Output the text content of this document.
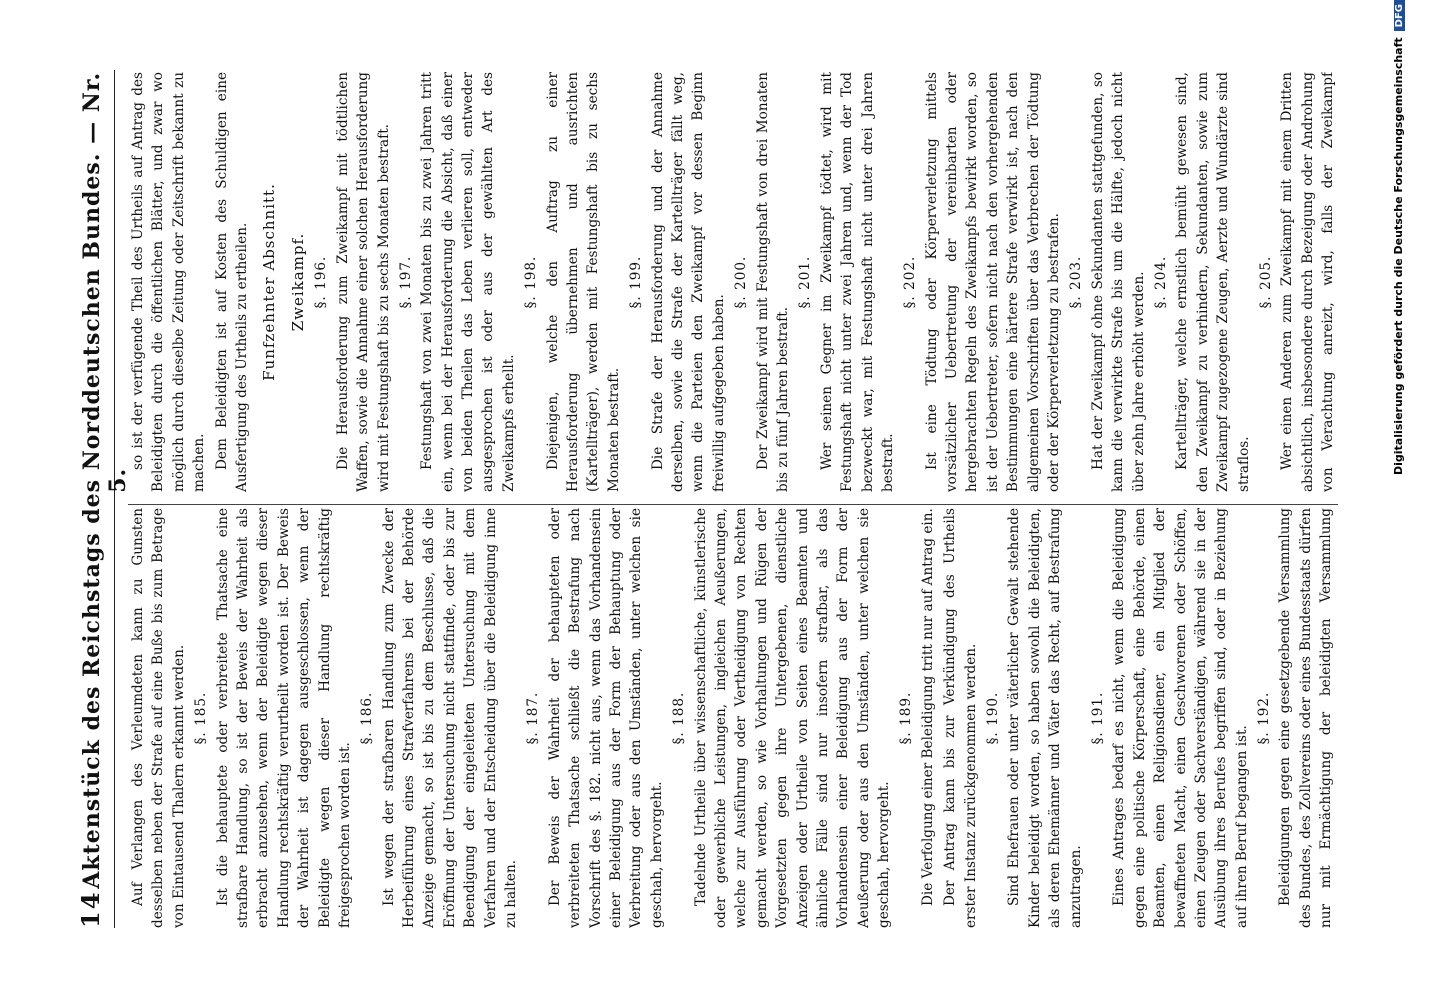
14
Aktenstück des Reichstags des Norddeutschen Bundes. — Nr. 5.
Auf Verlangen des Verleumdeten kann zu Gunsten desselben neben der Strafe auf eine Buße bis zum Betrage von Eintausend Thalern erkannt werden. §. 185. Ist die behauptete oder verbreitete Thatsache eine strafbare Handlung, so ist der Beweis der Wahrheit als erbracht anzusehen, wenn der Beleidigte wegen dieser Handlung rechtskräftig verurtheilt worden ist. Der Beweis der Wahrheit ist dagegen ausgeschlossen, wenn der Beleidigte wegen dieser Handlung rechtskräftig freigesprochen worden ist.
§. 186. Ist wegen der strafbaren Handlung zum Zwecke der Herbeiführung eines Strafverfahrens bei der Behörde Anzeige gemacht, so ist bis zu dem Beschlusse, daß die Eröffnung der Untersuchung nicht stattfinde, oder bis zur Beendigung der eingeleiteten Untersuchung mit dem Verfahren und der Entscheidung über die Beleidigung inne zu halten.
§. 187. Der Beweis der Wahrheit der behaupteten oder verbreiteten Thatsache schließt die Bestrafung nach Vorschrift des §. 182. nicht aus, wenn das Vorhandensein einer Beleidigung aus der Form der Behauptung oder Verbreitung oder aus den Umständen, unter welchen sie geschah, hervorgeht.
§. 188. Tadelnde Urtheile über wissenschaftliche, künstlerische oder gewerbliche Leistungen, ingleichen Aeußerungen, welche zur Ausführung oder Vertheidigung von Rechten gemacht werden, so wie Vorhaltungen und Rügen der Vorgesetzten gegen ihre Untergebenen, dienstliche Anzeigen oder Urtheile von Seiten eines Beamten und ähnliche Fälle sind nur insofern strafbar, als das Vorhandensein einer Beleidigung aus der Form der Aeußerung oder aus den Umständen, unter welchen sie geschah, hervorgeht.
§. 189. Die Verfolgung einer Beleidigung tritt nur auf Antrag ein. Der Antrag kann bis zur Verkündigung des Urtheils erster Instanz zurückgenommen werden. §. 190. Sind Ehefrauen oder unter väterlicher Gewalt stehende Kinder beleidigt worden, so haben sowohl die Beleidigten, als deren Ehemänner und Väter das Recht, auf Bestrafung anzutragen.
§. 191. Eines Antrages bedarf es nicht, wenn die Beleidigung gegen eine politische Körperschaft, eine Behörde, einen Beamten, einen Religionsdiener, ein Mitglied der bewaffneten Macht, einen Geschworenen oder Schöffen, einen Zeugen oder Sachverständigen, während sie in der Ausübung ihres Berufes begriffen sind, oder in Beziehung auf ihren Beruf begangen ist.
§. 192.
Beleidigungen gegen eine gesetzgebende Versammlung des Bundes, des Zollvereins oder eines Bundesstaats dürfen nur mit Ermächtigung der beleidigten Versammlung
so ist der verfügende Theil des Urtheils auf Antrag des Beleidigten durch die öffentlichen Blätter, und zwar wo möglich durch dieselbe Zeitung oder Zeitschrift bekannt zu machen. Dem Beleidigten ist auf Kosten des Schuldigen eine Ausfertigung des Urtheils zu ertheilen. Funfzehnter Abschnitt. Zweikampf. §. 196. Die Herausforderung zum Zweikampf mit tödtlichen Waffen, sowie die Annahme einer solchen Herausforderung wird mit Festungshaft bis zu sechs Monaten bestraft. §. 197. Festungshaft von zwei Monaten bis zu zwei Jahren tritt ein, wenn bei der Herausforderung die Absicht, daß einer von beiden Theilen das Leben verlieren soll, entweder ausgesprochen ist oder aus der gewählten Art des Zweikampfs erhellt.
§. 198. Diejenigen, welche den Auftrag zu einer Herausforderung übernehmen und ausrichten (Kartellträger), werden mit Festungshaft bis zu sechs Monaten bestraft.
§. 199. Die Strafe der Herausforderung und der Annahme derselben, sowie die Strafe der Kartellträger fällt weg, wenn die Parteien den Zweikampf vor dessen Beginn freiwillig aufgegeben haben.
§. 200. Der Zweikampf wird mit Festungshaft von drei Monaten bis zu fünf Jahren bestraft.
§. 201. Wer seinen Gegner im Zweikampf tödtet, wird mit Festungshaft nicht unter zwei Jahren und, wenn der Tod bezweckt war, mit Festungshaft nicht unter drei Jahren bestraft.
§. 202. Ist eine Tödtung oder Körperverletzung mittels vorsätzlicher Uebertretung der vereinbarten oder hergebrachten Regeln des Zweikampfs bewirkt worden, so ist der Uebertreter, sofern nicht nach den vorhergehenden Bestimmungen eine härtere Strafe verwirkt ist, nach den allgemeinen Vorschriften über das Verbrechen der Tödtung oder der Körperverletzung zu bestrafen. §. 203. Hat der Zweikampf ohne Sekundanten stattgefunden, so kann die verwirkte Strafe bis um die Hälfte, jedoch nicht über zehn Jahre erhöht werden. §. 204. Kartellträger, welche ernstlich bemüht gewesen sind, den Zweikampf zu verhindern, Sekundanten, sowie zum Zweikampf zugezogene Zeugen, Aerzte und Wundärzte sind straflos.
§. 205.
Wer einen Anderen zum Zweikampf mit einem Dritten absichtlich, insbesondere durch Bezeigung oder Androhung von Verachtung anreizt, wird, falls der Zweikampf	Digitalisierung gefördert durch die Deutsche ForschungsgemeinschaftDFG
